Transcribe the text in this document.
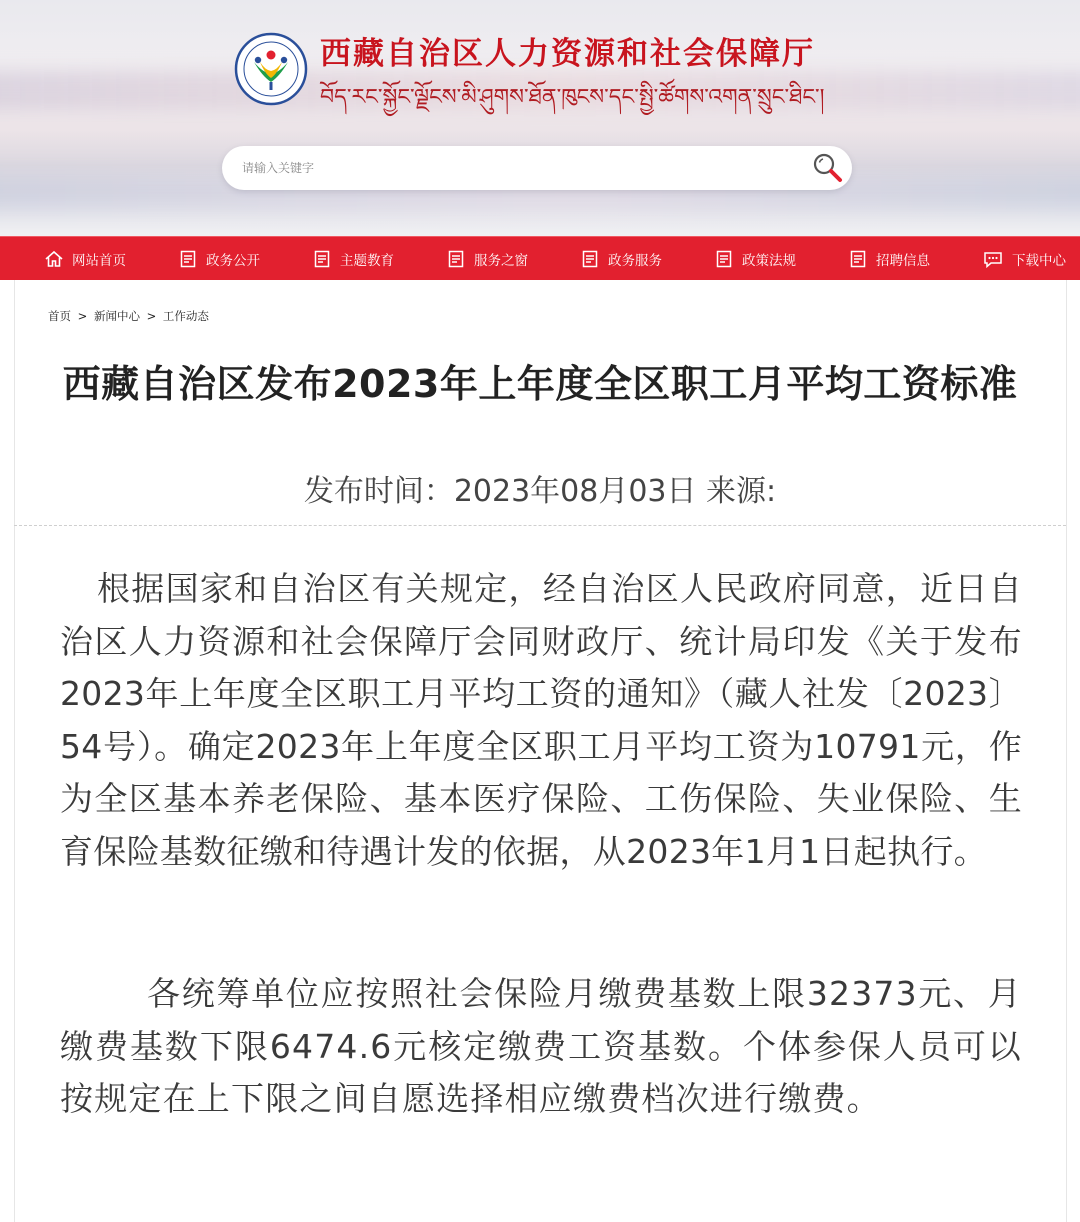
西藏自治区人力资源和社会保障厅
བོད་རང་སྐྱོང་ལྗོངས་མི་ཤུགས་ཐོན་ཁུངས་དང་སྤྱི་ཚོགས་འགན་སྲུང་ཐིང་།
请输入关键字
网站首页	政务公开	主题教育	服务之窗	政务服务	政策法规	招聘信息	下载中心
首页 > 新闻中心 > 工作动态
西藏自治区发布2023年上年度全区职工月平均工资标准
发布时间：2023年08月03日 来源:

根据国家和自治区有关规定，经自治区人民政府同意，近日自治区人力资源和社会保障厅会同财政厅、统计局印发《关于发布2023年上年度全区职工月平均工资的通知》（藏人社发〔2023〕54号）。确定2023年上年度全区职工月平均工资为10791元，作为全区基本养老保险、基本医疗保险、工伤保险、失业保险、生育保险基数征缴和待遇计发的依据，从2023年1月1日起执行。

各统筹单位应按照社会保险月缴费基数上限32373元、月缴费基数下限6474.6元核定缴费工资基数。个体参保人员可以按规定在上下限之间自愿选择相应缴费档次进行缴费。
